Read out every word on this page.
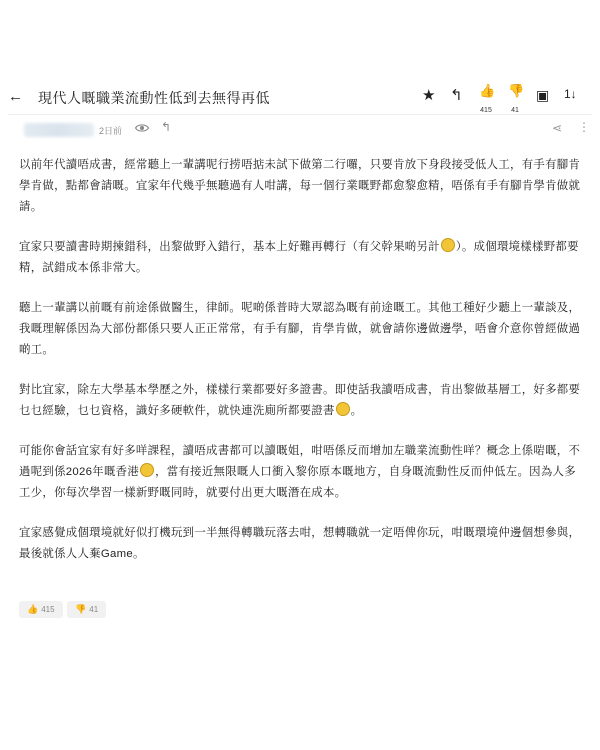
← 現代人嘅職業流動性低到去無得再低	★ ↰ 👍
415
👎
41
▣ 1↓
2日前	↰	⋖ ⋮

以前年代讀唔成書，經常聽上一輩講呢行捞唔掂未試下做第二行囉，只要肯放下身段接受低人工，有手有腳肯學肯做，點都會請嘅。宜家年代幾乎無聽過有人咁講，每一個行業嘅野都愈黎愈精，唔係有手有腳肯學肯做就請。

宜家只要讀書時期揀錯科，出黎做野入錯行，基本上好難再轉行（有父幹果啲另計 ）。成個環境樣樣野都要精，試錯成本係非常大。

聽上一輩講以前嘅有前途係做醫生，律師。呢啲係普時大眾認為嘅有前途嘅工。其他工種好少聽上一輩談及，我嘅理解係因為大部份都係只要人正正常常，有手有腳，肯學肯做，就會請你邊做邊學，唔會介意你曾經做過啲工。

對比宜家，除左大學基本學歷之外，樣樣行業都要好多證書。即使話我讀唔成書，肯出黎做基層工，好多都要乜乜經驗，乜乜資格，識好多硬軟件，就快連洗廁所都要證書 。

可能你會話宜家有好多咩課程，讀唔成書都可以讀嘅姐，咁唔係反而增加左職業流動性咩？概念上係啱嘅，不過呢到係2026年嘅香港 ，當有接近無限嘅人口衝入黎你原本嘅地方，自身嘅流動性反而仲低左。因為人多工少，你每次學習一樣新野嘅同時，就要付出更大嘅潛在成本。

宜家感覺成個環境就好似打機玩到一半無得轉職玩落去咁，想轉職就一定唔俾你玩，咁嘅環境仲邊個想參與，最後就係人人棄Game。

👍 415 👎 41
